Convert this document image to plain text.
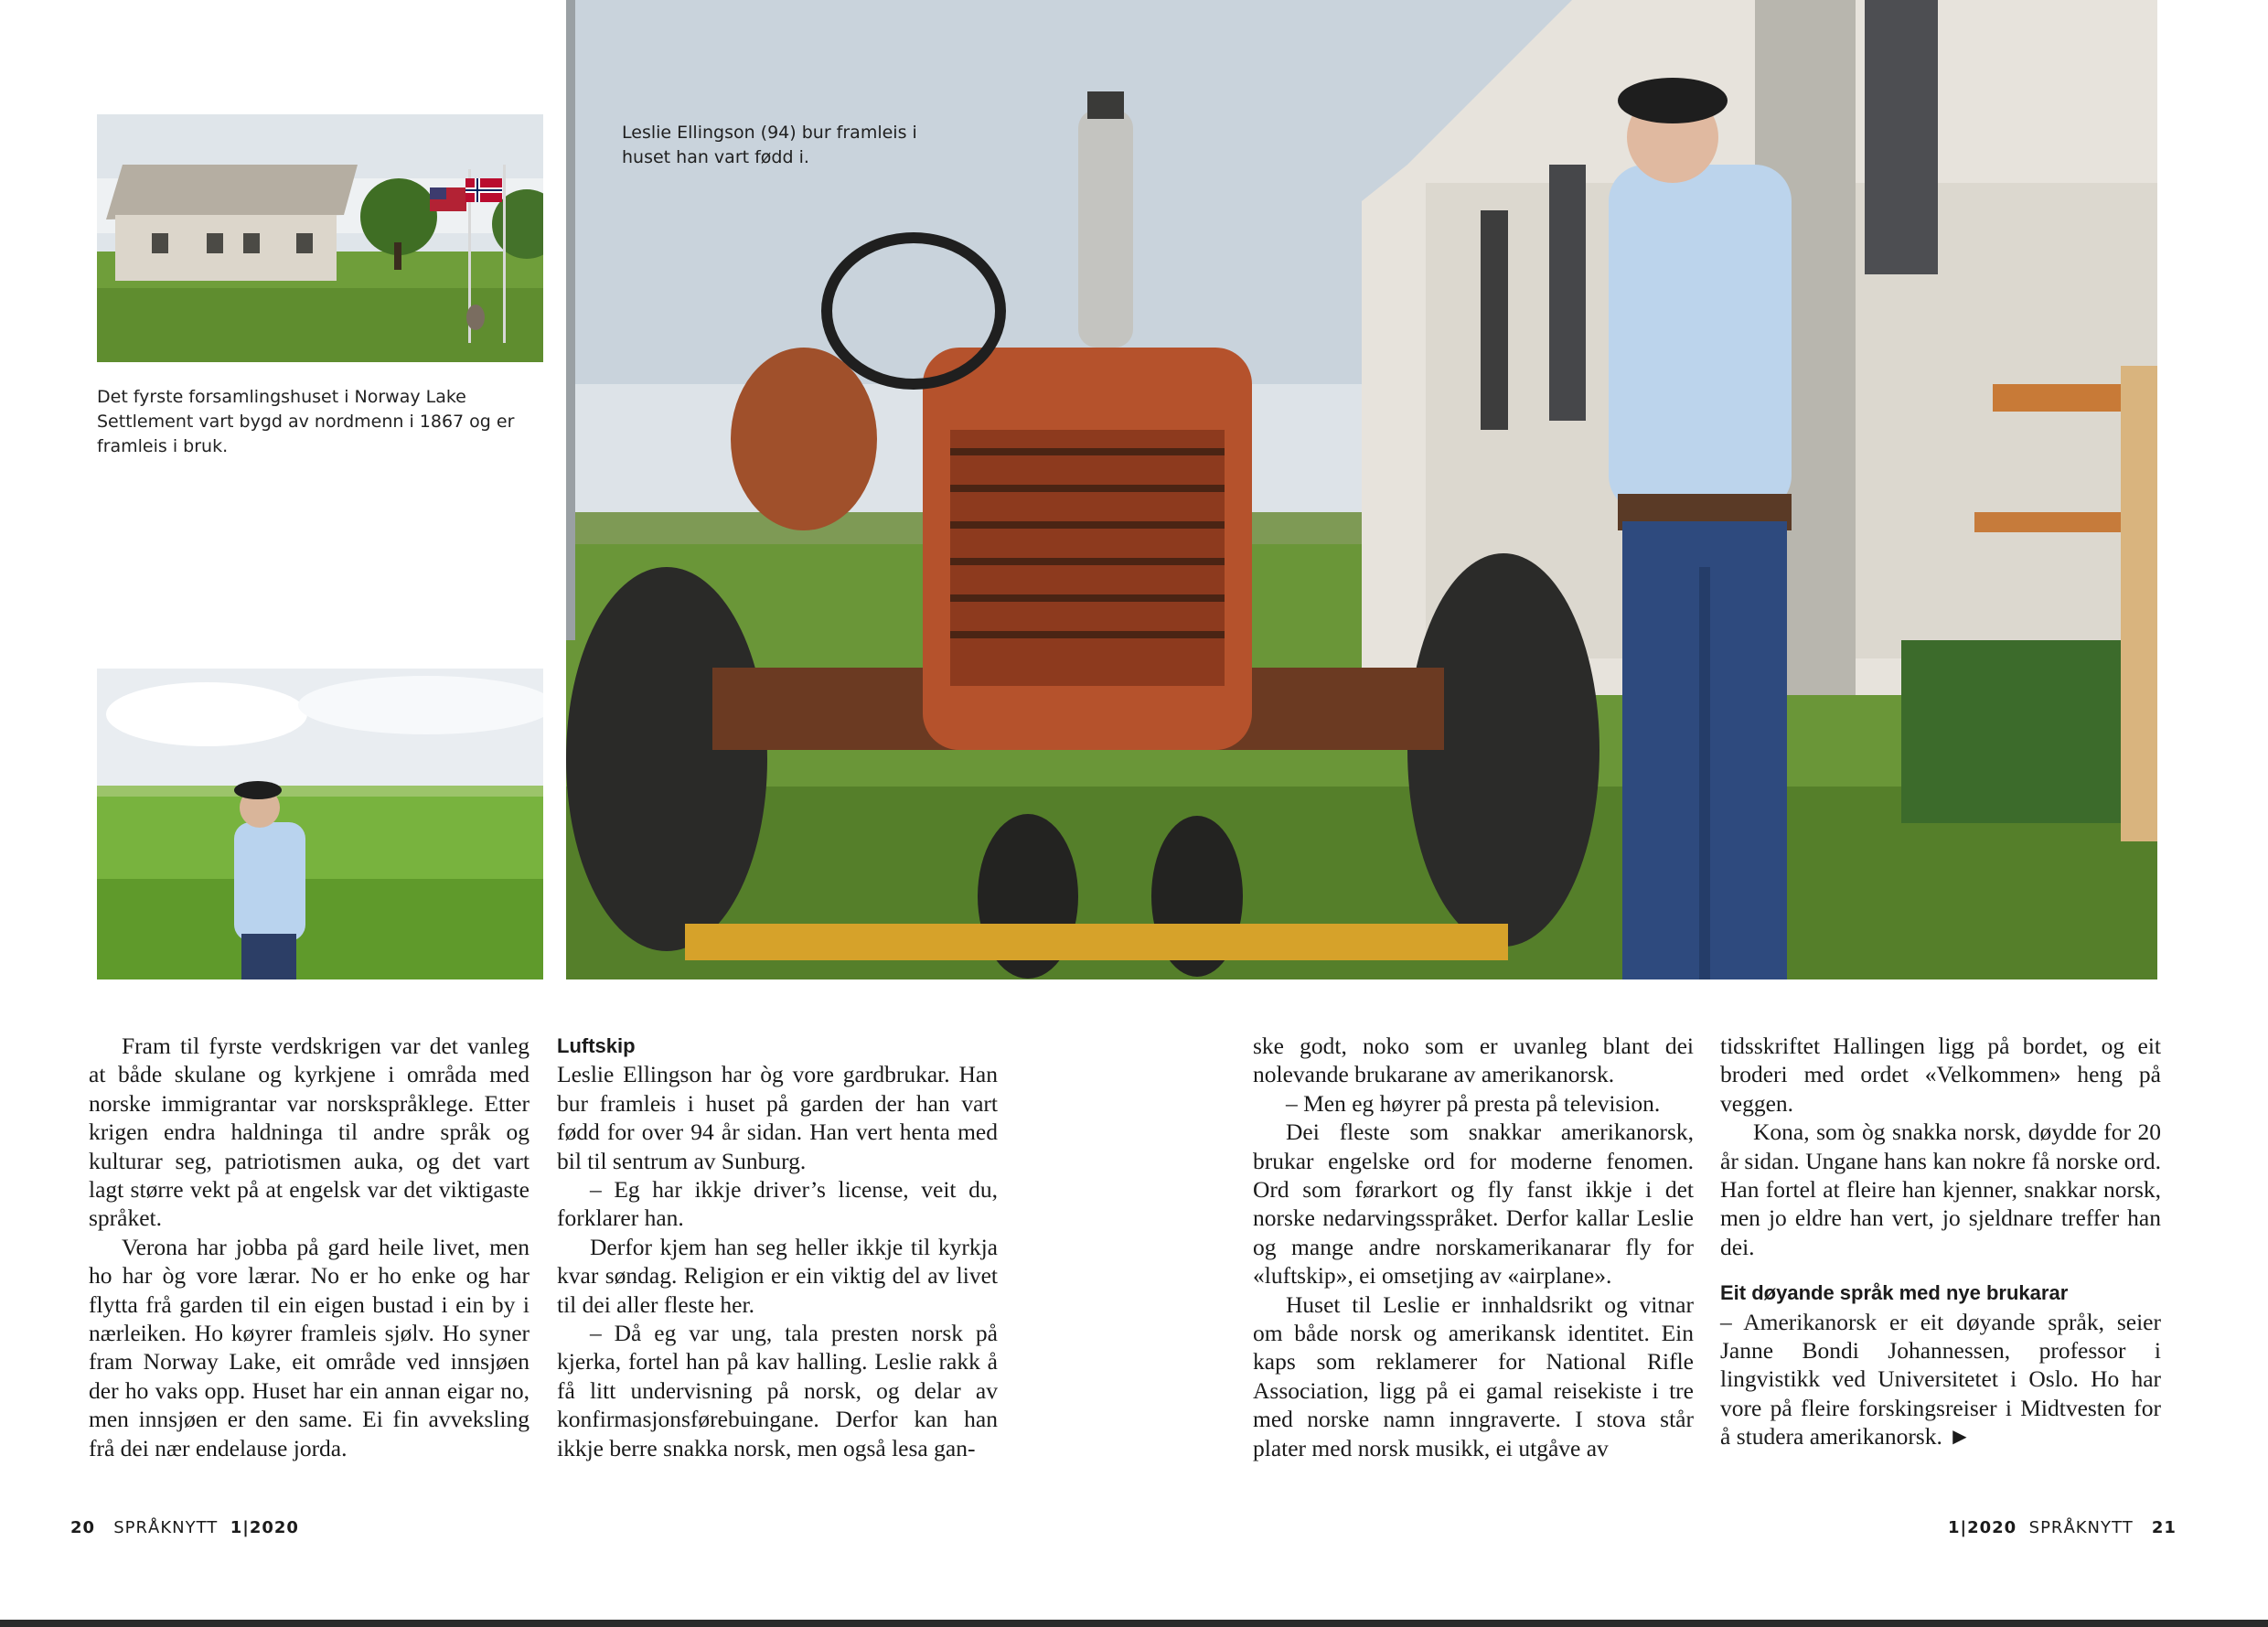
Det fyrste forsamlingshuset i Norway Lake Settlement vart bygd av nordmenn i 1867 og er framleis i bruk.
Leslie Ellingson (94) bur framleis i huset han vart fødd i.

Fram til fyrste verdskrigen var det vanleg at både skulane og kyrkjene i områda med norske immigrantar var norskspråklege. Etter krigen endra haldninga til andre språk og kulturar seg, patriotismen auka, og det vart lagt større vekt på at engelsk var det viktigaste språket.

Verona har jobba på gard heile livet, men ho har òg vore lærar. No er ho enke og har flytta frå garden til ein eigen bustad i ein by i nærleiken. Ho køyrer framleis sjølv. Ho syner fram Norway Lake, eit område ved innsjøen der ho vaks opp. Huset har ein annan eigar no, men innsjøen er den same. Ei fin avveksling frå dei nær endelause jorda.

Luftskip

Leslie Ellingson har òg vore gardbrukar. Han bur framleis i huset på garden der han vart fødd for over 94 år sidan. Han vert henta med bil til sentrum av Sunburg.

– Eg har ikkje driver’s license, veit du, forklarer han.

Derfor kjem han seg heller ikkje til kyrkja kvar søndag. Religion er ein viktig del av livet til dei aller fleste her.

– Då eg var ung, tala presten norsk på kjerka, fortel han på kav halling. Leslie rakk å få litt undervisning på norsk, og delar av konfirmasjonsførebuingane. Derfor kan han ikkje berre snakka norsk, men også lesa gan-

ske godt, noko som er uvanleg blant dei nolevande brukarane av amerikanorsk.

– Men eg høyrer på presta på television.

Dei fleste som snakkar amerikanorsk, brukar engelske ord for moderne fenomen. Ord som førarkort og fly fanst ikkje i det norske nedarvingsspråket. Derfor kallar Leslie og mange andre norskamerikanarar fly for «luftskip», ei omsetjing av «airplane».

Huset til Leslie er innhaldsrikt og vitnar om både norsk og amerikansk identitet. Ein kaps som reklamerer for National Rifle Association, ligg på ei gamal reisekiste i tre med norske namn inngraverte. I stova står plater med norsk musikk, ei utgåve av

tidsskriftet Hallingen ligg på bordet, og eit broderi med ordet «Velkommen» heng på veggen.

Kona, som òg snakka norsk, døydde for 20 år sidan. Ungane hans kan nokre få norske ord. Han fortel at fleire han kjenner, snakkar norsk, men jo eldre han vert, jo sjeldnare treffer han dei.

Eit døyande språk med nye brukarar

– Amerikanorsk er eit døyande språk, seier Janne Bondi Johannessen, professor i lingvistikk ved Universitetet i Oslo. Ho har vore på fleire forskingsreiser i Midtvesten for å studera amerikanorsk. ►

20 SPRÅKNYTT 1|2020	1|2020 SPRÅKNYTT 21
